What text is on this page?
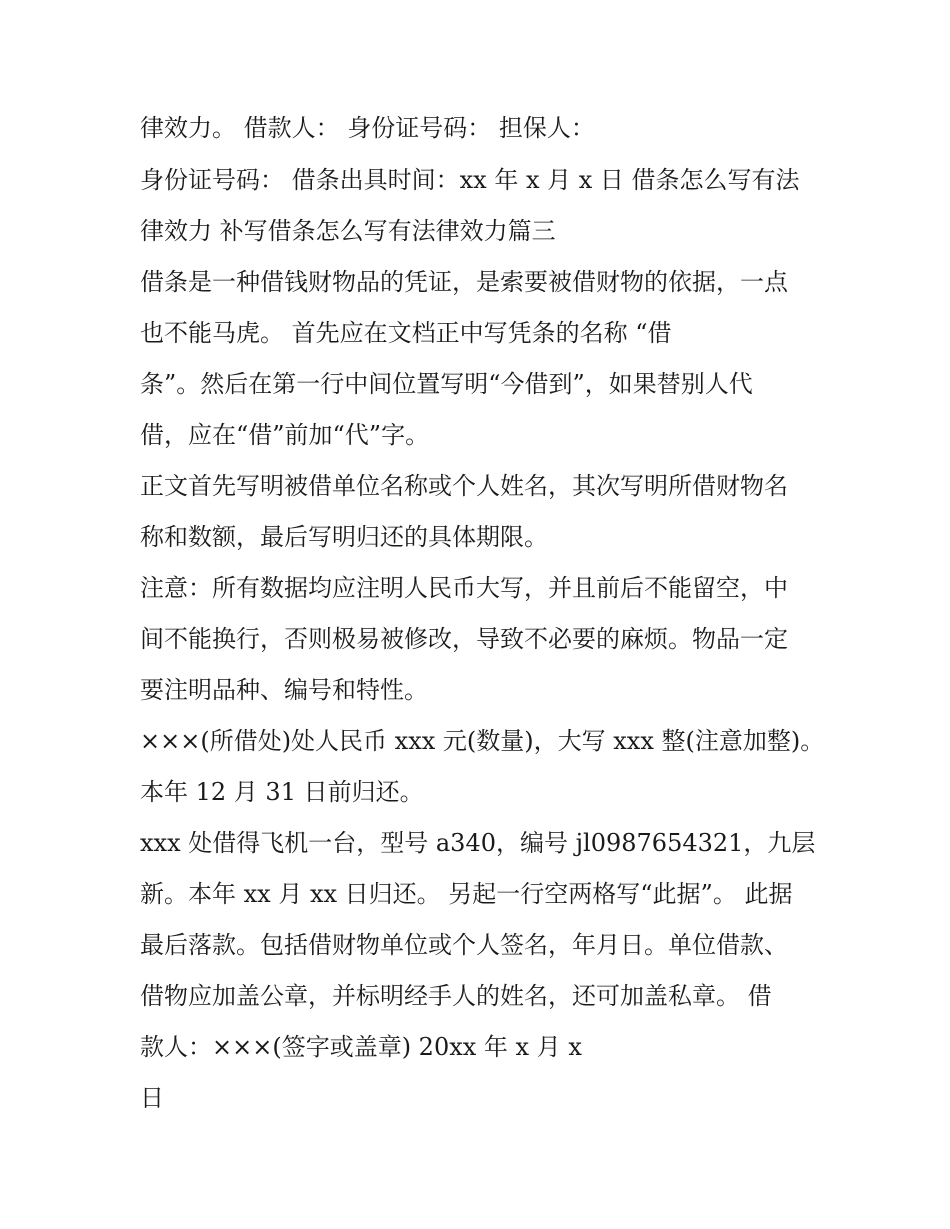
律效力。 借款人： 身份证号码： 担保人：

身份证号码： 借条出具时间：xx 年 x 月 x 日 借条怎么写有法

律效力 补写借条怎么写有法律效力篇三

借条是一种借钱财物品的凭证，是索要被借财物的依据，一点

也不能马虎。 首先应在文档正中写凭条的名称 “借

条”。然后在第一行中间位置写明“今借到”，如果替别人代

借，应在“借”前加“代”字。

正文首先写明被借单位名称或个人姓名，其次写明所借财物名

称和数额，最后写明归还的具体期限。

注意：所有数据均应注明人民币大写，并且前后不能留空，中

间不能换行，否则极易被修改，导致不必要的麻烦。物品一定

要注明品种、编号和特性。

×××(所借处)处人民币 xxx 元(数量)，大写 xxx 整(注意加整)。

本年 12 月 31 日前归还。

xxx 处借得飞机一台，型号 a340，编号 jl0987654321，九层

新。本年 xx 月 xx 日归还。 另起一行空两格写“此据”。 此据

最后落款。包括借财物单位或个人签名，年月日。单位借款、

借物应加盖公章，并标明经手人的姓名，还可加盖私章。 借

款人：×××(签字或盖章) 20xx 年 x 月 x

日
